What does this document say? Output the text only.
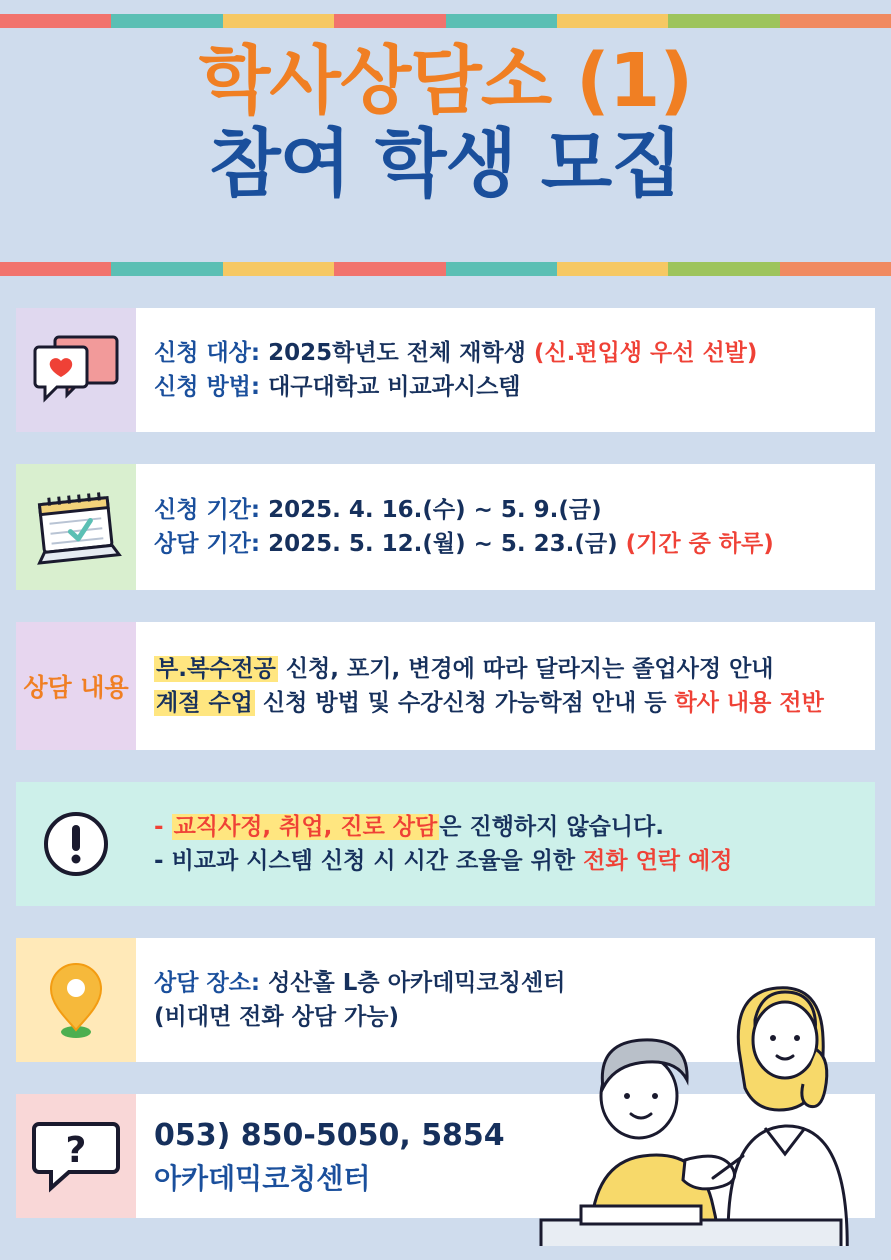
학사상담소 (1)
참여 학생 모집
신청 대상: 2025학년도 전체 재학생 (신.편입생 우선 선발)
신청 방법: 대구대학교 비교과시스템
신청 기간: 2025. 4. 16.(수) ~ 5. 9.(금)
상담 기간: 2025. 5. 12.(월) ~ 5. 23.(금) (기간 중 하루)
상담 내용
부.복수전공 신청, 포기, 변경에 따라 달라지는 졸업사정 안내
계절 수업 신청 방법 및 수강신청 가능학점 안내 등 학사 내용 전반
- 교직사정, 취업, 진로 상담은 진행하지 않습니다.
- 비교과 시스템 신청 시 시간 조율을 위한 전화 연락 예정
상담 장소: 성산홀 L층 아카데믹코칭센터
(비대면 전화 상담 가능)
? 053) 850-5050, 5854
아카데믹코칭센터
